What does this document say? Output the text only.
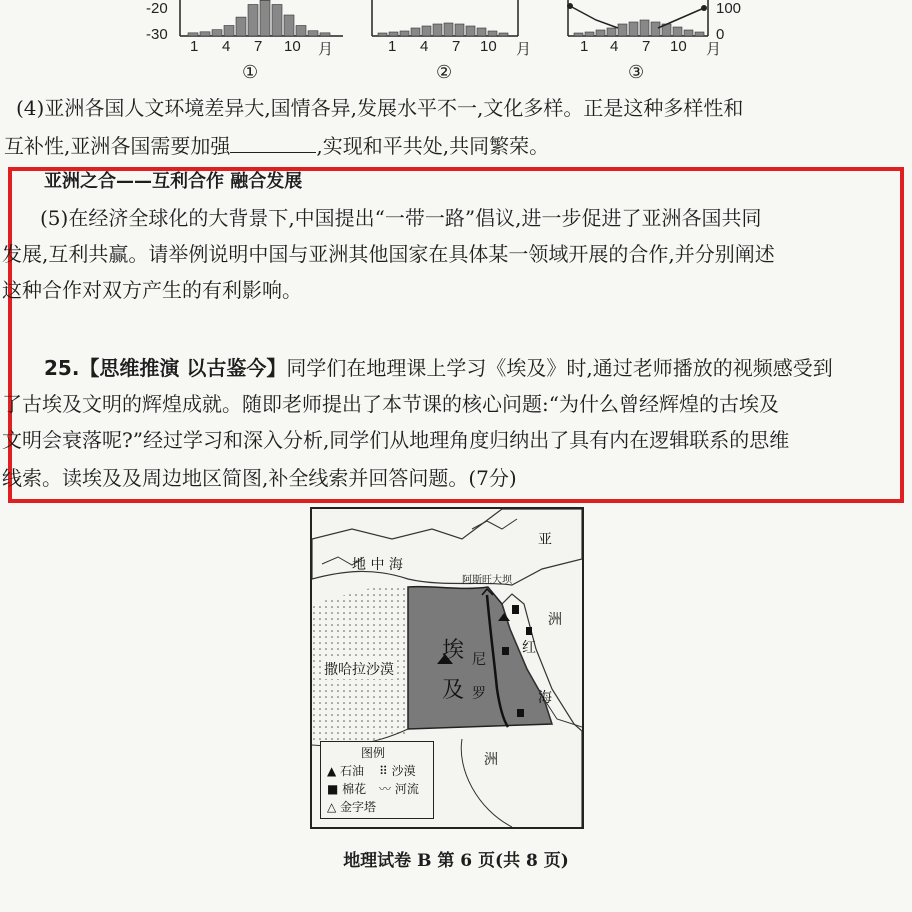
-20
-30
1 4 7 10 月
①
1 4 7 10 月
②
100
0
1 4 7 10 月
③
(4)亚洲各国人文环境差异大,国情各异,发展水平不一,文化多样。正是这种多样性和
互补性,亚洲各国需要加强	,实现和平共处,共同繁荣。
亚洲之合——互利合作 融合发展
(5)在经济全球化的大背景下,中国提出“一带一路”倡议,进一步促进了亚洲各国共同
发展,互利共赢。请举例说明中国与亚洲其他国家在具体某一领域开展的合作,并分别阐述
这种合作对双方产生的有利影响。
25.【思维推演 以古鉴今】同学们在地理课上学习《埃及》时,通过老师播放的视频感受到
了古埃及文明的辉煌成就。随即老师提出了本节课的核心问题:“为什么曾经辉煌的古埃及
文明会衰落呢?”经过学习和深入分析,同学们从地理角度归纳出了具有内在逻辑联系的思维
线索。读埃及及周边地区简图,补全线索并回答问题。(7分)
地 中 海
阿斯旺大坝
亚
洲
红
海
埃
及
尼
罗
撒哈拉沙漠
洲
图例
▲ 石油 ⠿ 沙漠
■ 棉花 〰 河流
△ 金字塔
地理试卷 B 第 6 页(共 8 页)
